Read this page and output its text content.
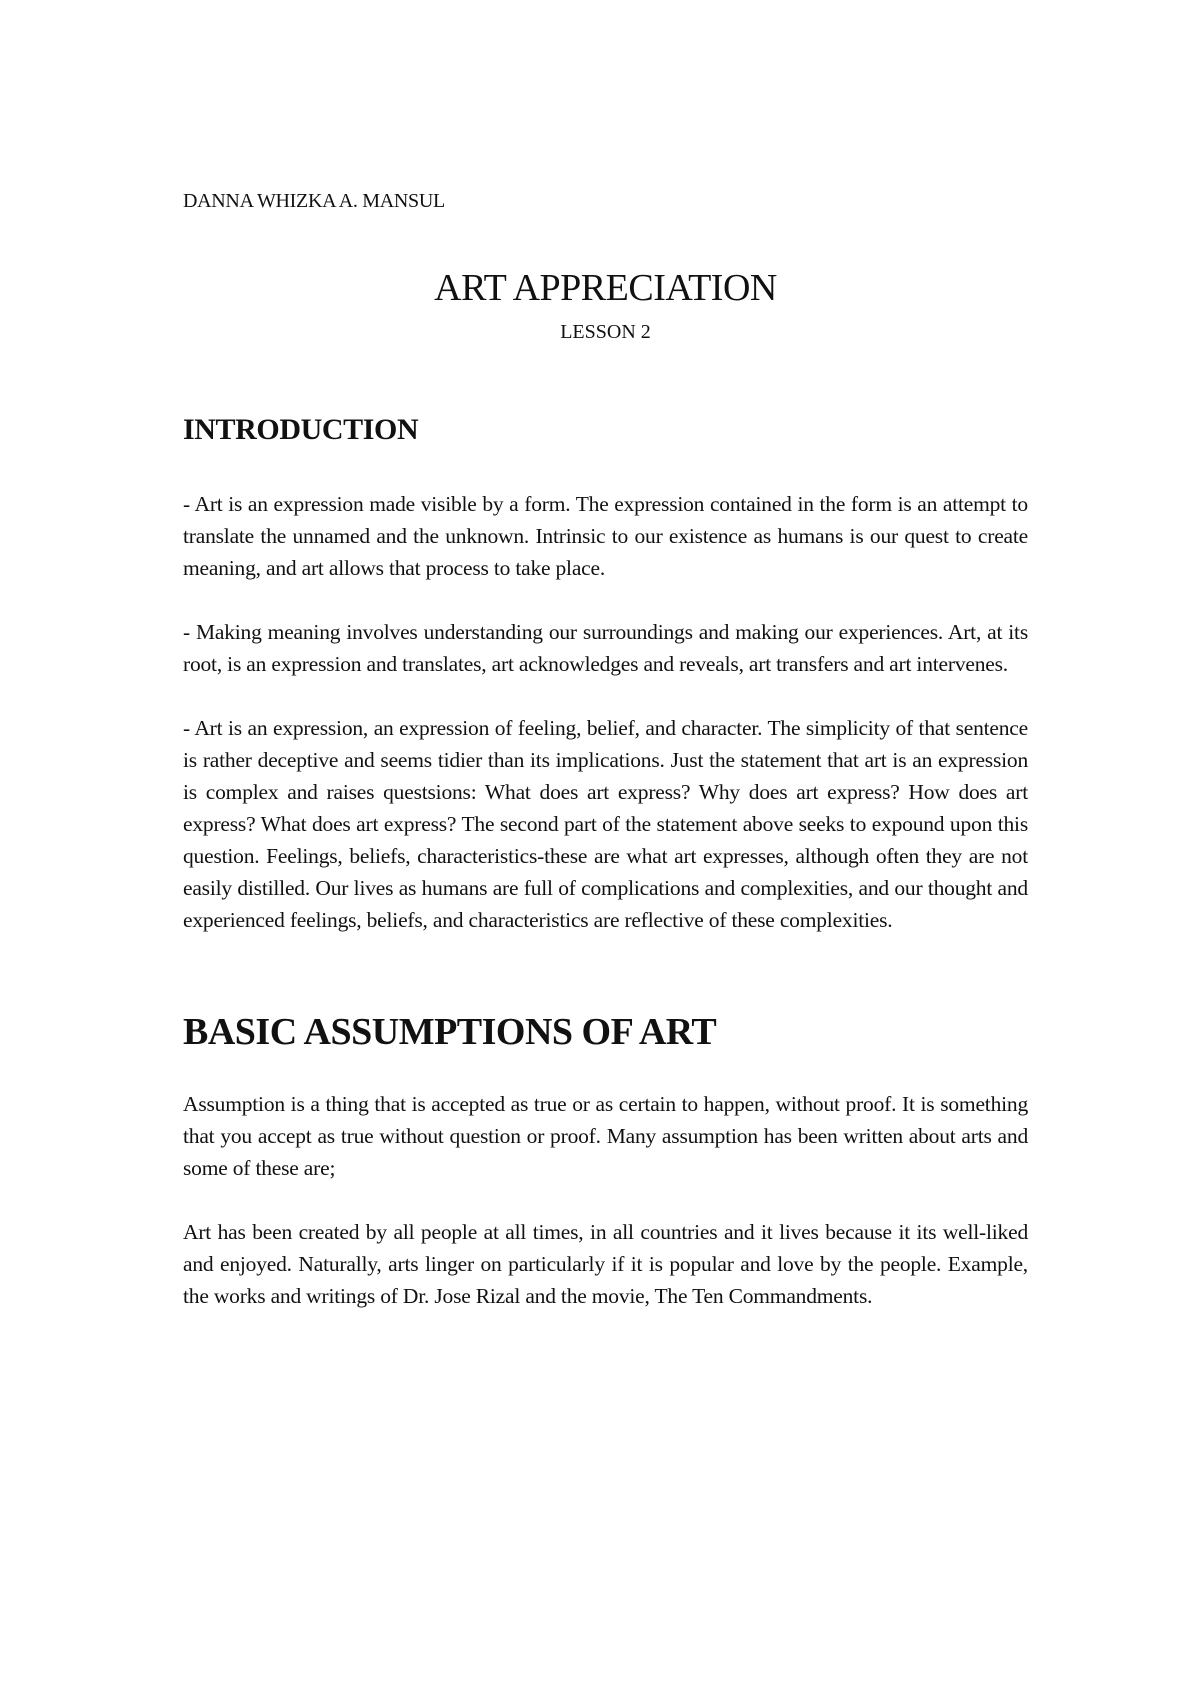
DANNA WHIZKA A. MANSUL

ART APPRECIATION

LESSON 2

INTRODUCTION

- Art is an expression made visible by a form. The expression contained in the form is an attempt to translate the unnamed and the unknown. Intrinsic to our existence as humans is our quest to create meaning, and art allows that process to take place.

- Making meaning involves understanding our surroundings and making our experiences. Art, at its root, is an expression and translates, art acknowledges and reveals, art transfers and art intervenes.

- Art is an expression, an expression of feeling, belief, and character. The simplicity of that sentence is rather deceptive and seems tidier than its implications. Just the statement that art is an expression is complex and raises questsions: What does art express? Why does art express? How does art express? What does art express? The second part of the statement above seeks to expound upon this question. Feelings, beliefs, characteristics-these are what art expresses, although often they are not easily distilled. Our lives as humans are full of complications and complexities, and our thought and experienced feelings, beliefs, and characteristics are reflective of these complexities.

BASIC ASSUMPTIONS OF ART

Assumption is a thing that is accepted as true or as certain to happen, without proof. It is something that you accept as true without question or proof. Many assumption has been written about arts and some of these are;

Art has been created by all people at all times, in all countries and it lives because it its well-liked and enjoyed. Naturally, arts linger on particularly if it is popular and love by the people. Example, the works and writings of Dr. Jose Rizal and the movie, The Ten Commandments.
